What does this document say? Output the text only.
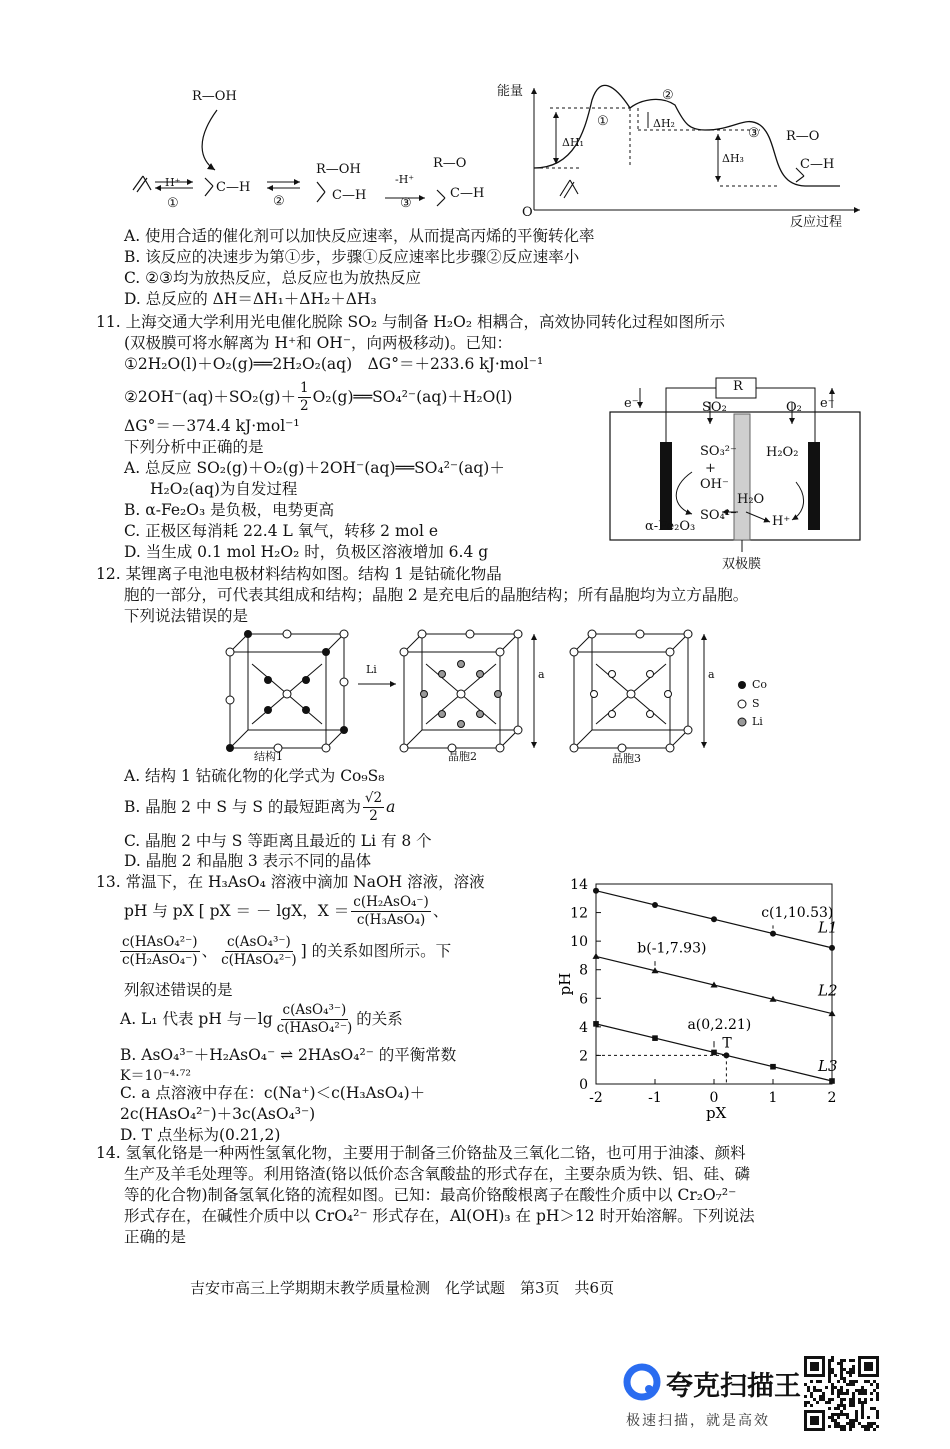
R—OH
H⁺
①
C—H
②
R—OH
C—H
-H⁺
③
R—O
C—H
能量
反应过程
O
①
②
③
ΔH₁
ΔH₂
ΔH₃
R—O
C—H
A. 使用合适的催化剂可以加快反应速率，从而提高丙烯的平衡转化率
B. 该反应的决速步为第①步，步骤①反应速率比步骤②反应速率小
C. ②③均为放热反应，总反应也为放热反应
D. 总反应的 ΔH＝ΔH₁＋ΔH₂＋ΔH₃
11. 上海交通大学利用光电催化脱除 SO₂ 与制备 H₂O₂ 相耦合，高效协同转化过程如图所示
(双极膜可将水解离为 H⁺和 OH⁻，向两极移动)。已知：
①2H₂O(l)＋O₂(g)══2H₂O₂(aq)　ΔG°＝＋233.6 kJ·mol⁻¹
②2OH⁻(aq)＋SO₂(g)＋ $\frac{1}{2}$ O₂(g)══SO₄²⁻(aq)＋H₂O(l)
ΔG°＝－374.4 kJ·mol⁻¹
下列分析中正确的是
A. 总反应 SO₂(g)＋O₂(g)＋2OH⁻(aq)══SO₄²⁻(aq)＋
H₂O₂(aq)为自发过程
B. α-Fe₂O₃ 是负极，电势更高
C. 正极区每消耗 22.4 L 氧气，转移 2 mol e
D. 当生成 0.1 mol H₂O₂ 时，负极区溶液增加 6.4 g
R
e⁻	e⁻
SO₂	O₂
SO₃²⁻
+
OH⁻
H₂O₂
H₂O
SO₄²⁻	H⁺
α-Fe₂O₃
双极膜
12. 某锂离子电池电极材料结构如图。结构 1 是钴硫化物晶
胞的一部分，可代表其组成和结构；晶胞 2 是充电后的晶胞结构；所有晶胞均为立方晶胞。
下列说法错误的是
Li	a	a
结构1	晶胞2	晶胞3
Co
S
Li
A. 结构 1 钴硫化物的化学式为 Co₉S₈
B. 晶胞 2 中 S 与 S 的最短距离为 $\frac{√2}{2}$ a
C. 晶胞 2 中与 S 等距离且最近的 Li 有 8 个
D. 晶胞 2 和晶胞 3 表示不同的晶体
13. 常温下，在 H₃AsO₄ 溶液中滴加 NaOH 溶液，溶液
pH 与 pX [ pX ＝ － lgX，$X = \frac{\text{c(H₂AsO₄⁻)}}{\text{c(H₃AsO₄)}}$ 、
$\frac{\text{c(HAsO₄²⁻)}}{\text{c(H₂AsO₄⁻)}}$ 、 $\frac{\text{c(AsO₄³⁻)}}{\text{c(HAsO₄²⁻)}}$ ] 的关系如图所示。下
列叙述错误的是
A. L₁ 代表 pH 与$-\lg \frac{\text{c(AsO₄³⁻)}}{\text{c(HAsO₄²⁻)}}$ 的关系
B. AsO₄³⁻＋H₂AsO₄⁻ ⇌ 2HAsO₄²⁻ 的平衡常数
K＝10⁻⁴·⁷²
C. a 点溶液中存在：c(Na⁺)＜c(H₃AsO₄)＋
2c(HAsO₄²⁻)＋3c(AsO₄³⁻)
D. T 点坐标为(0.21,2)
0
2
4
6
8
10
12
14
-2	-1	0	1	2
pX
pH
L1
L2
L3
c(1,10.53)
b(-1,7.93)
a(0,2.21)
T
14. 氢氧化铬是一种两性氢氧化物，主要用于制备三价铬盐及三氧化二铬，也可用于油漆、颜料
生产及羊毛处理等。利用铬渣(铬以低价态含氧酸盐的形式存在，主要杂质为铁、铝、硅、磷
等的化合物)制备氢氧化铬的流程如图。已知：最高价铬酸根离子在酸性介质中以 Cr₂O₇²⁻
形式存在，在碱性介质中以 CrO₄²⁻ 形式存在，Al(OH)₃ 在 pH＞12 时开始溶解。下列说法
正确的是
吉安市高三上学期期末教学质量检测　化学试题　第3页　共6页
夸克扫描王
极速扫描，就是高效
